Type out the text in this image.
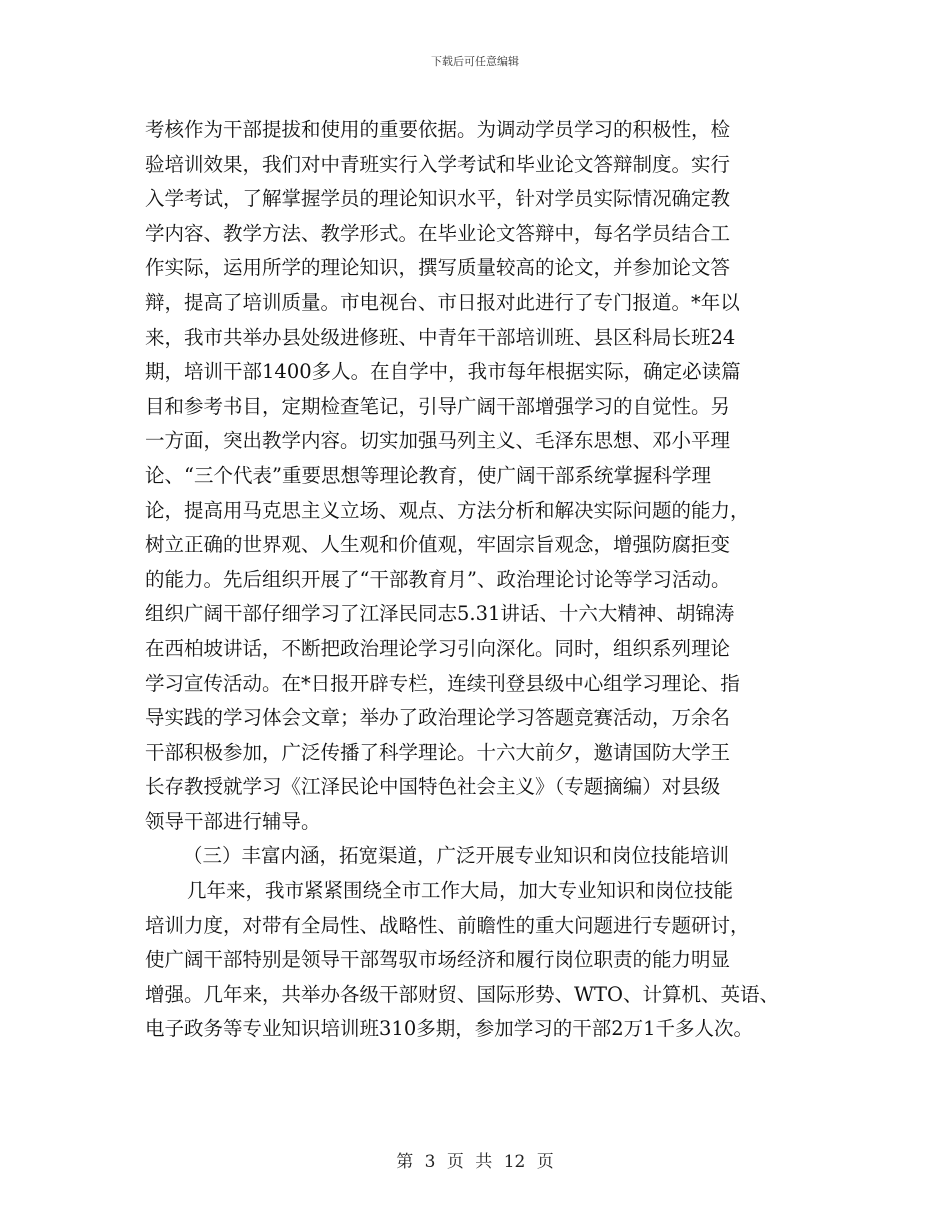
下载后可任意编辑
考核作为干部提拔和使用的重要依据。为调动学员学习的积极性，检
验培训效果，我们对中青班实行入学考试和毕业论文答辩制度。实行
入学考试，了解掌握学员的理论知识水平，针对学员实际情况确定教
学内容、教学方法、教学形式。在毕业论文答辩中，每名学员结合工
作实际，运用所学的理论知识，撰写质量较高的论文，并参加论文答
辩，提高了培训质量。市电视台、市日报对此进行了专门报道。*年以
来，我市共举办县处级进修班、中青年干部培训班、县区科局长班24
期，培训干部1400多人。在自学中，我市每年根据实际，确定必读篇
目和参考书目，定期检查笔记，引导广阔干部增强学习的自觉性。另
一方面，突出教学内容。切实加强马列主义、毛泽东思想、邓小平理
论、“三个代表”重要思想等理论教育，使广阔干部系统掌握科学理
论，提高用马克思主义立场、观点、方法分析和解决实际问题的能力，
树立正确的世界观、人生观和价值观，牢固宗旨观念，增强防腐拒变
的能力。先后组织开展了“干部教育月”、政治理论讨论等学习活动。
组织广阔干部仔细学习了江泽民同志5.31讲话、十六大精神、胡锦涛
在西柏坡讲话，不断把政治理论学习引向深化。同时，组织系列理论
学习宣传活动。在*日报开辟专栏，连续刊登县级中心组学习理论、指
导实践的学习体会文章；举办了政治理论学习答题竞赛活动，万余名
干部积极参加，广泛传播了科学理论。十六大前夕，邀请国防大学王
长存教授就学习《江泽民论中国特色社会主义》（专题摘编）对县级
领导干部进行辅导。
（三）丰富内涵，拓宽渠道，广泛开展专业知识和岗位技能培训
几年来，我市紧紧围绕全市工作大局，加大专业知识和岗位技能
培训力度，对带有全局性、战略性、前瞻性的重大问题进行专题研讨，
使广阔干部特别是领导干部驾驭市场经济和履行岗位职责的能力明显
增强。几年来，共举办各级干部财贸、国际形势、WTO、计算机、英语、
电子政务等专业知识培训班310多期，参加学习的干部2万1千多人次。
第 3 页 共 12 页
